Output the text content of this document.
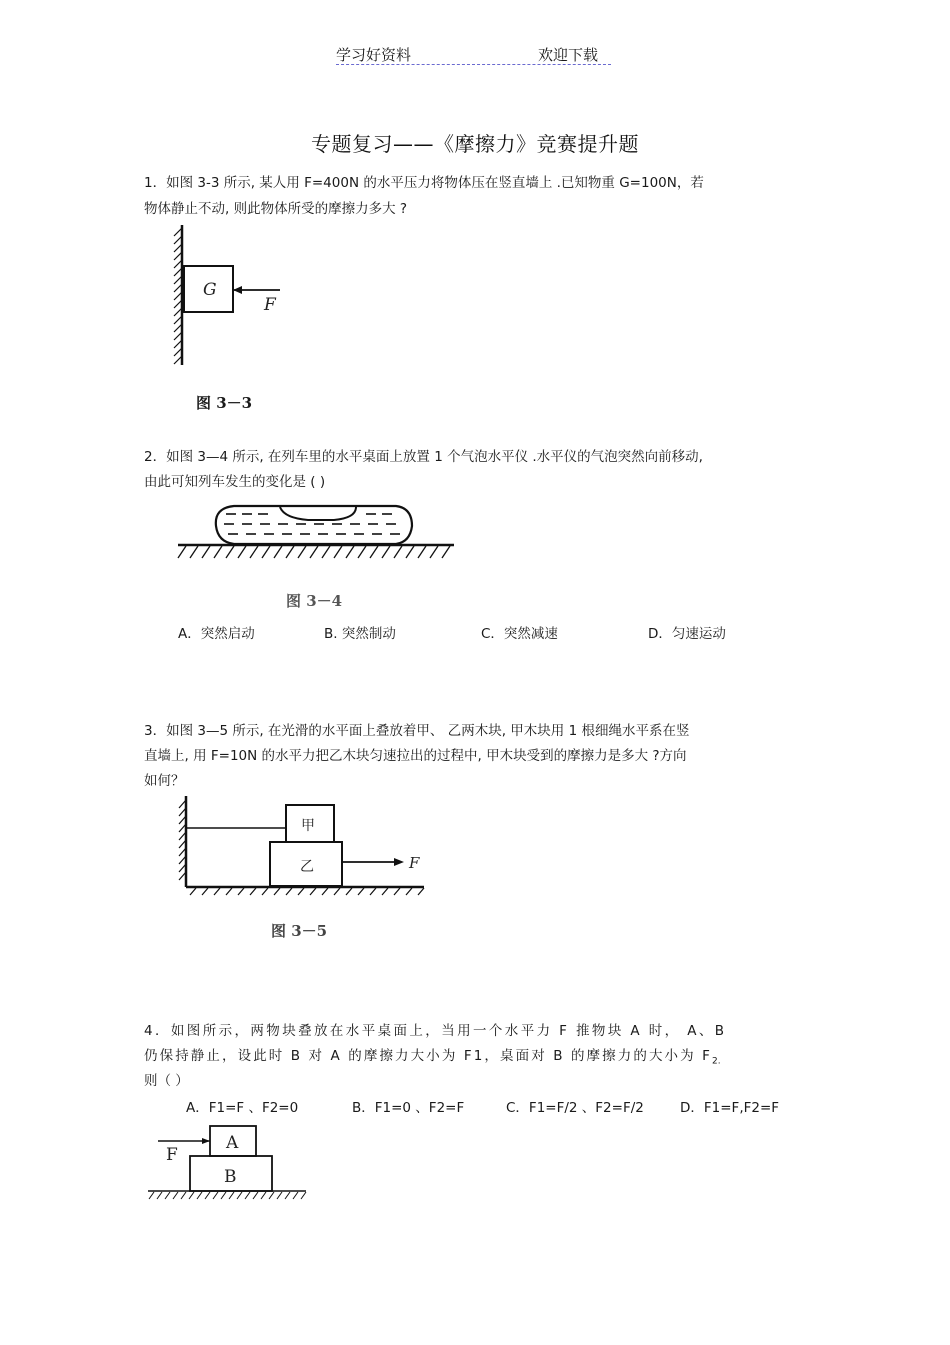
学习好资料	欢迎下载
专题复习——《摩擦力》竞赛提升题
1．如图 3-3 所示, 某人用 F=400N 的水平压力将物体压在竖直墙上 .已知物重 G=100N，若
物体静止不动, 则此物体所受的摩擦力多大 ?
G
F
图 3－3
2．如图 3—4 所示, 在列车里的水平桌面上放置 1 个气泡水平仪 .水平仪的气泡突然向前移动,
由此可知列车发生的变化是 ( )
图 3－4
A．突然启动	B. 突然制动	C．突然减速	D．匀速运动
3．如图 3—5 所示, 在光滑的水平面上叠放着甲、 乙两木块, 甲木块用 1 根细绳水平系在竖
直墙上, 用 F=10N 的水平力把乙木块匀速拉出的过程中, 甲木块受到的摩擦力是多大 ?方向
如何？
甲
乙	F
图 3－5
4．如图所示，两物块叠放在水平桌面上，当用一个水平力 F 推物块 A 时， A、B
仍保持静止，设此时 B 对 A 的摩擦力大小为 F1，桌面对 B 的摩擦力的大小为 $F_{2.}$
则（ ）
A．F1=F 、F2=0	B．F1=0 、F2=F	C．F1=F/2 、F2=F/2	D．F1=F,F2=F
A
B
F
